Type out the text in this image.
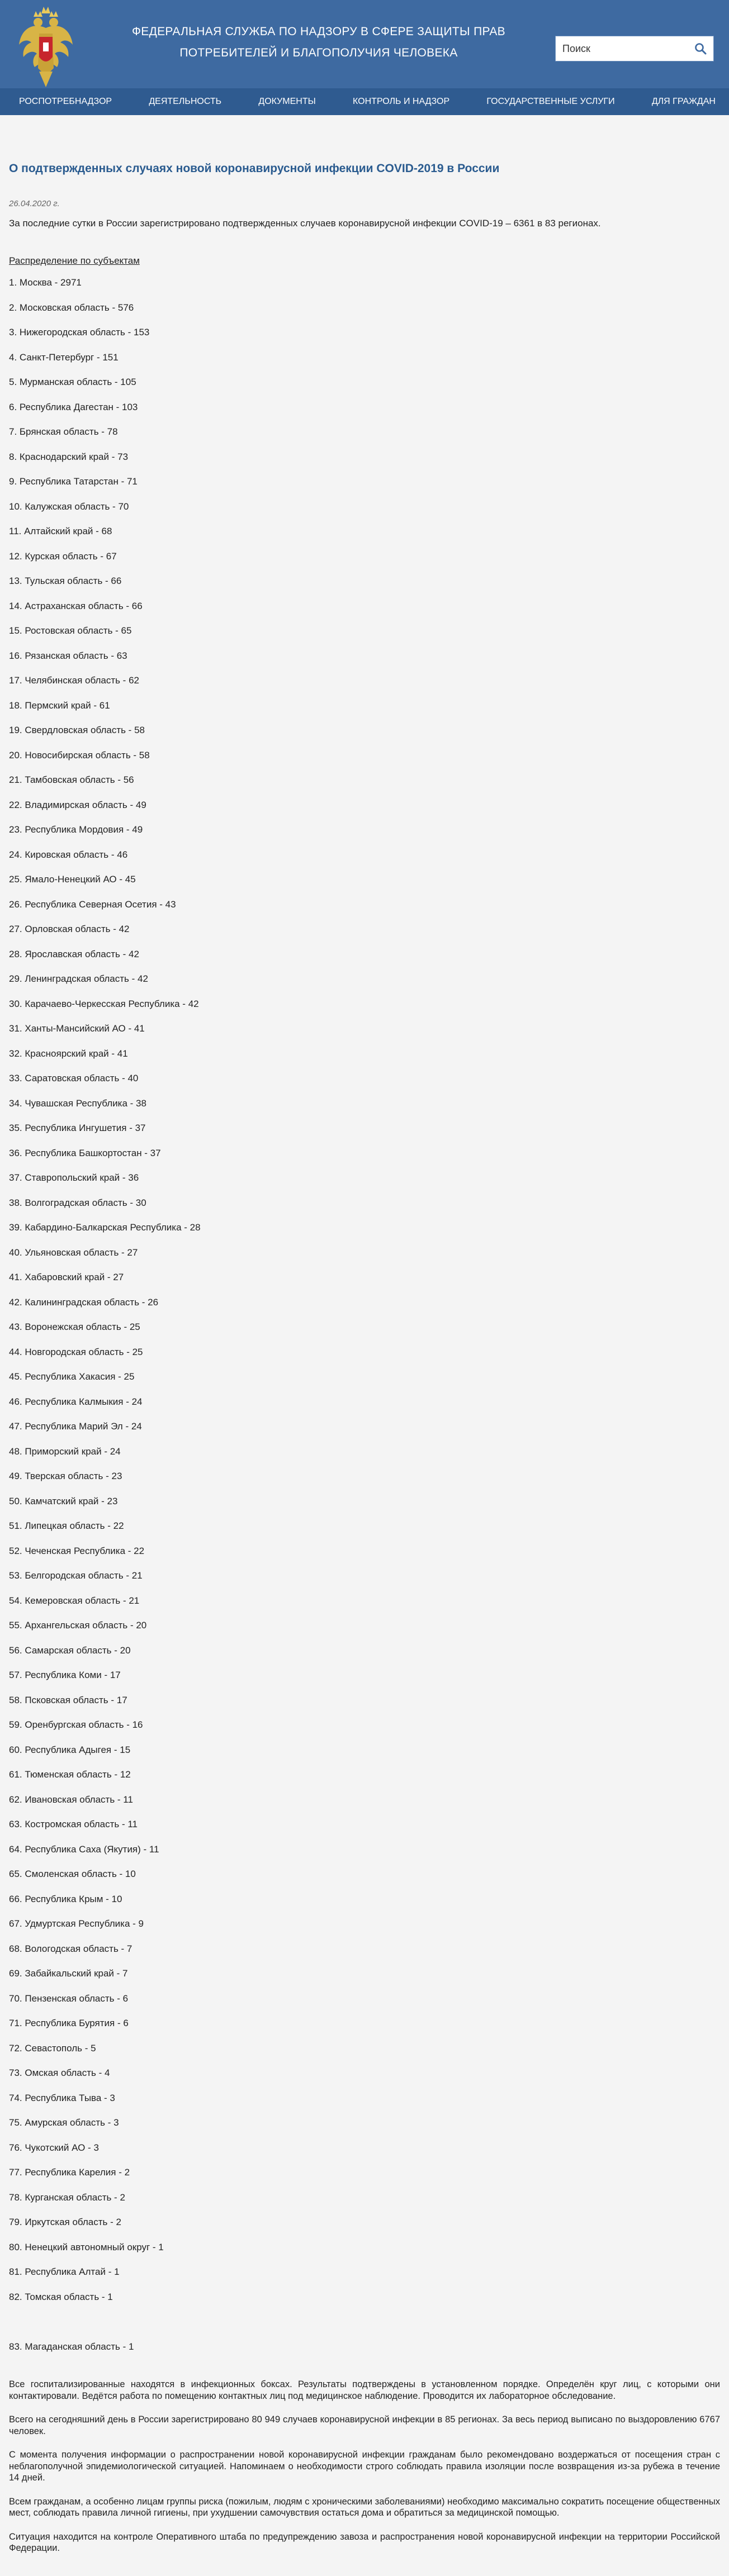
ФЕДЕРАЛЬНАЯ СЛУЖБА ПО НАДЗОРУ В СФЕРЕ ЗАЩИТЫ ПРАВ
ПОТРЕБИТЕЛЕЙ И БЛАГОПОЛУЧИЯ ЧЕЛОВЕКА
Поиск
РОСПОТРЕБНАДЗОР	ДЕЯТЕЛЬНОСТЬ	ДОКУМЕНТЫ	КОНТРОЛЬ И НАДЗОР	ГОСУДАРСТВЕННЫЕ УСЛУГИ	ДЛЯ ГРАЖДАН
О подтвержденных случаях новой коронавирусной инфекции COVID-2019 в России
26.04.2020 г.
За последние сутки в России зарегистрировано подтвержденных случаев коронавирусной инфекции COVID-19 – 6361 в 83 регионах.
Распределение по субъектам
1. Москва - 2971
2. Московская область - 576
3. Нижегородская область - 153
4. Санкт-Петербург - 151
5. Мурманская область - 105
6. Республика Дагестан - 103
7. Брянская область - 78
8. Краснодарский край - 73
9. Республика Татарстан - 71
10. Калужская область - 70
11. Алтайский край - 68
12. Курская область - 67
13. Тульская область - 66
14. Астраханская область - 66
15. Ростовская область - 65
16. Рязанская область - 63
17. Челябинская область - 62
18. Пермский край - 61
19. Свердловская область - 58
20. Новосибирская область - 58
21. Тамбовская область - 56
22. Владимирская область - 49
23. Республика Мордовия - 49
24. Кировская область - 46
25. Ямало-Ненецкий АО - 45
26. Республика Северная Осетия - 43
27. Орловская область - 42
28. Ярославская область - 42
29. Ленинградская область - 42
30. Карачаево-Черкесская Республика - 42
31. Ханты-Мансийский АО - 41
32. Красноярский край - 41
33. Саратовская область - 40
34. Чувашская Республика - 38
35. Республика Ингушетия - 37
36. Республика Башкортостан - 37
37. Ставропольский край - 36
38. Волгоградская область - 30
39. Кабардино-Балкарская Республика - 28
40. Ульяновская область - 27
41. Хабаровский край - 27
42. Калининградская область - 26
43. Воронежская область - 25
44. Новгородская область - 25
45. Республика Хакасия - 25
46. Республика Калмыкия - 24
47. Республика Марий Эл - 24
48. Приморский край - 24
49. Тверская область - 23
50. Камчатский край - 23
51. Липецкая область - 22
52. Чеченская Республика - 22
53. Белгородская область - 21
54. Кемеровская область - 21
55. Архангельская область - 20
56. Самарская область - 20
57. Республика Коми - 17
58. Псковская область - 17
59. Оренбургская область - 16
60. Республика Адыгея - 15
61. Тюменская область - 12
62. Ивановская область - 11
63. Костромская область - 11
64. Республика Саха (Якутия) - 11
65. Смоленская область - 10
66. Республика Крым - 10
67. Удмуртская Республика - 9
68. Вологодская область - 7
69. Забайкальский край - 7
70. Пензенская область - 6
71. Республика Бурятия - 6
72. Севастополь - 5
73. Омская область - 4
74. Республика Тыва - 3
75. Амурская область - 3
76. Чукотский АО - 3
77. Республика Карелия - 2
78. Курганская область - 2
79. Иркутская область - 2
80. Ненецкий автономный округ - 1
81. Республика Алтай - 1
82. Томская область - 1
83. Магаданская область - 1

Все госпитализированные находятся в инфекционных боксах. Результаты подтверждены в установленном порядке. Определён круг лиц, с которыми они контактировали. Ведётся работа по помещению контактных лиц под медицинское наблюдение. Проводится их лабораторное обследование.

Всего на сегодняшний день в России зарегистрировано 80 949 случаев коронавирусной инфекции в 85 регионах. За весь период выписано по выздоровлению 6767 человек.

С момента получения информации о распространении новой коронавирусной инфекции гражданам было рекомендовано воздержаться от посещения стран с неблагополучной эпидемиологической ситуацией. Напоминаем о необходимости строго соблюдать правила изоляции после возвращения из-за рубежа в течение 14 дней.

Всем гражданам, а особенно лицам группы риска (пожилым, людям с хроническими заболеваниями) необходимо максимально сократить посещение общественных мест, соблюдать правила личной гигиены, при ухудшении самочувствия остаться дома и обратиться за медицинской помощью.

Ситуация находится на контроле Оперативного штаба по предупреждению завоза и распространения новой коронавирусной инфекции на территории Российской Федерации.
